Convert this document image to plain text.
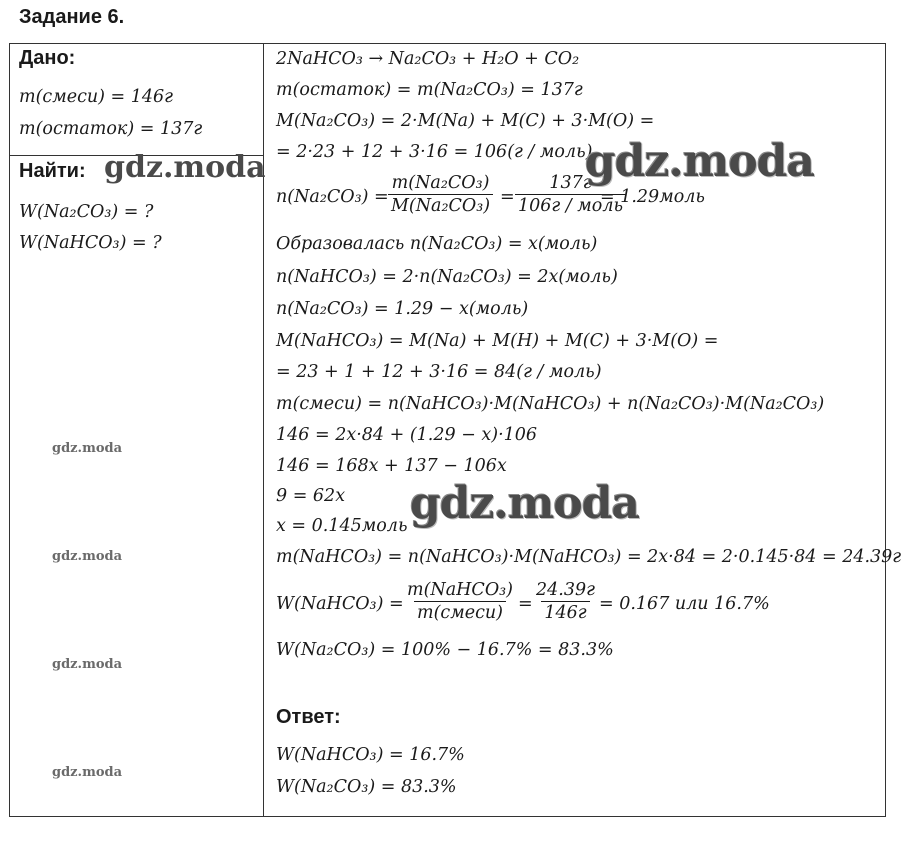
Задание 6.
Дано:
m(смеси) = 146г
m(остаток) = 137г
Найти:
W(Na₂CO₃) = ?
W(NaHCO₃) = ?
2NaHCO₃ → Na₂CO₃ + H₂O + CO₂
m(остаток) = m(Na₂CO₃) = 137г
M(Na₂CO₃) = 2·M(Na) + M(C) + 3·M(O) =
= 2·23 + 12 + 3·16 = 106(г / моль)
$n(Na_2CO_3) = \frac{\text{m(Na₂CO₃)}}{\text{M(Na₂CO₃)}}$ =
137г
106г / моль
= 1.29моль
Образовалась n(Na₂CO₃) = x(моль)
n(NaHCO₃) = 2·n(Na₂CO₃) = 2x(моль)
n(Na₂CO₃) = 1.29 − x(моль)
M(NaHCO₃) = M(Na) + M(H) + M(C) + 3·M(O) =
= 23 + 1 + 12 + 3·16 = 84(г / моль)
m(смеси) = n(NaHCO₃)·M(NaHCO₃) + n(Na₂CO₃)·M(Na₂CO₃)
146 = 2x·84 + (1.29 − x)·106
146 = 168x + 137 − 106x
9 = 62x
x = 0.145моль
m(NaHCO₃) = n(NaHCO₃)·M(NaHCO₃) = 2x·84 = 2·0.145·84 = 24.39г
W(NaHCO₃) =
m(NaHCO₃)
m(смеси) =
24.39г
146г = 0.167 или 16.7%
W(Na₂CO₃) = 100% − 16.7% = 83.3%
Ответ:
W(NaHCO₃) = 16.7%
W(Na₂CO₃) = 83.3%
gdz.moda	gdz.moda
gdz.moda
gdz.moda
gdz.moda
gdz.moda
gdz.moda
